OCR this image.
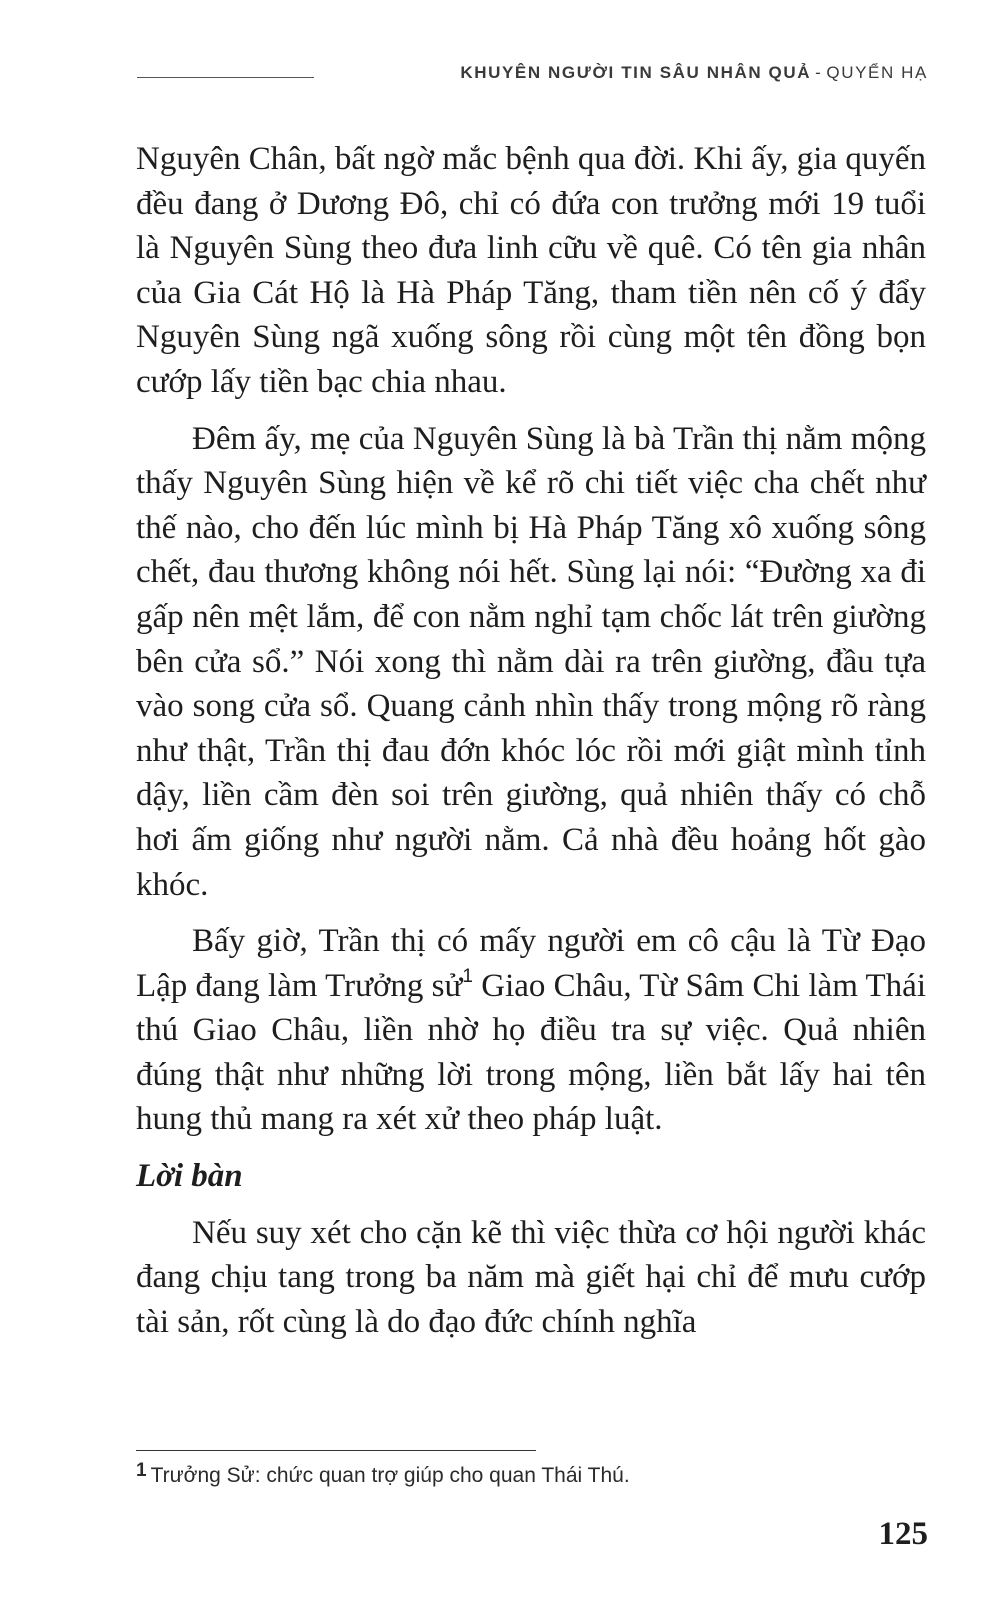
KHUYÊN NGƯỜI TIN SÂU NHÂN QUẢ - QUYỂN HẠ

Nguyên Chân, bất ngờ mắc bệnh qua đời. Khi ấy, gia quyến đều đang ở Dương Đô, chỉ có đứa con trưởng mới 19 tuổi là Nguyên Sùng theo đưa linh cữu về quê. Có tên gia nhân của Gia Cát Hộ là Hà Pháp Tăng, tham tiền nên cố ý đẩy Nguyên Sùng ngã xuống sông rồi cùng một tên đồng bọn cướp lấy tiền bạc chia nhau.

Đêm ấy, mẹ của Nguyên Sùng là bà Trần thị nằm mộng thấy Nguyên Sùng hiện về kể rõ chi tiết việc cha chết như thế nào, cho đến lúc mình bị Hà Pháp Tăng xô xuống sông chết, đau thương không nói hết. Sùng lại nói: “Đường xa đi gấp nên mệt lắm, để con nằm nghỉ tạm chốc lát trên giường bên cửa sổ.” Nói xong thì nằm dài ra trên giường, đầu tựa vào song cửa sổ. Quang cảnh nhìn thấy trong mộng rõ ràng như thật, Trần thị đau đớn khóc lóc rồi mới giật mình tỉnh dậy, liền cầm đèn soi trên giường, quả nhiên thấy có chỗ hơi ấm giống như người nằm. Cả nhà đều hoảng hốt gào khóc.

Bấy giờ, Trần thị có mấy người em cô cậu là Từ Đạo Lập đang làm Trưởng sử$^1$ Giao Châu, Từ Sâm Chi làm Thái thú Giao Châu, liền nhờ họ điều tra sự việc. Quả nhiên đúng thật như những lời trong mộng, liền bắt lấy hai tên hung thủ mang ra xét xử theo pháp luật.

Lời bàn

Nếu suy xét cho cặn kẽ thì việc thừa cơ hội người khác đang chịu tang trong ba năm mà giết hại chỉ để mưu cướp tài sản, rốt cùng là do đạo đức chính nghĩa

1 Trưởng Sử: chức quan trợ giúp cho quan Thái Thú.
125
